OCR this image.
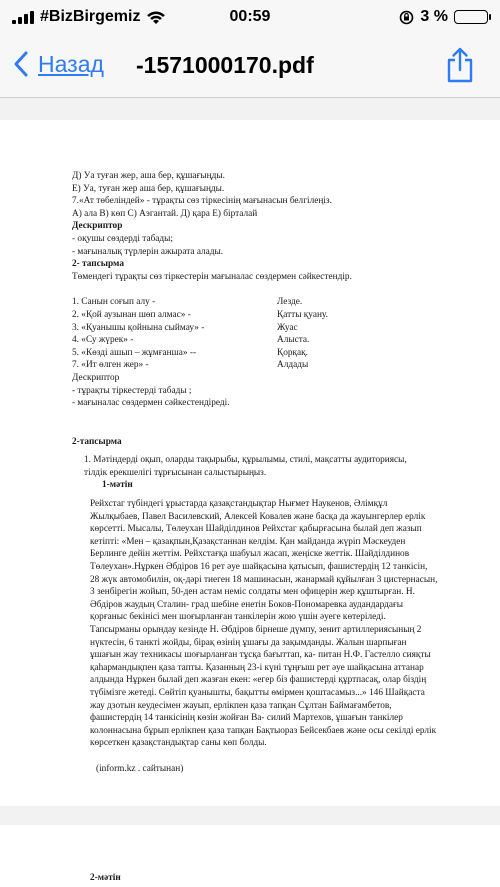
#BizBirgemiz	00:59	3 %
Назад -1571000170.pdf

Д) Уа туған жер, аша бер, құшағыңды.

Е) Уа, туған жер аша бер, құшағыңды.

7.«Ат төбеліндей» - тұрақты сөз тіркесінің мағынасын белгілеңіз.

А) ала В) көп С) Аэгантай. Д) қара Е) бірталай

Дескриптор

- оқушы сөздерді табады;

- мағыналық түрлерін ажырата алады.

2- тапсырма

Төмендегі тұрақты сөз тіркестерін мағыналас сөздермен сәйкестендір.

1. Санын соғып алу -	Лезде.

2. «Қой аузынан шөп алмас» -	Қатты қуану.

3. «Қуанышы қойнына сыймау» -	Жуас

4. «Су жүрек» -	Алыста.

5. «Көзді ашып – жұмғанша» --	Қорқақ.

7. «Ит өлген жер» -	Алдады

Дескриптор

- тұрақты тіркестерді табады ;

- мағыналас сөздермен сәйкестендіреді.

2-тапсырма

1. Мәтіндерді оқып, оларды тақырыбы, құрылымы, стилі, мақсатты аудиториясы,

тілдік ерекшелігі тұрғысынан салыстырыңыз.

1-мәтін

Рейхстаг түбіндегі ұрыстарда қазақстандықтар Нығмет Наукенов, Әлімқұл

Жылқыбаев, Павел Василевский, Алексей Ковалев және басқа да жауынгерлер ерлік

көрсетті. Мысалы, Төлеухан Шайділдинов Рейхстаг қабырғасына былай деп жазып

кетіпті: «Мен – қазақпын,Қазақстаннан келдім. Қан майданда жүріп Мәскеуден

Берлинге дейін жеттім. Рейхстағқа шабуыл жасап, жеңіске жеттік. Шайділдинов

Төлеухан».Нұркен Әбдіров 16 рет әуе шайқасына қатысып, фашистердің 12 танкісін,

28 жүк автомобилін, оқ-дәрі тиеген 18 машинасын, жанармай құйылған 3 цистернасын,

3 зенбірегін жойып, 50-ден астам неміс солдаты мен офицерін жер құштырған. Н.

Әбдіров жаудың Сталин- град шебіне енетін Боков-Пономаревка аудандардағы

қорғаныс бекінісі мен шоғырланған танкілерін жою үшін әуеге көтеріледі.

Тапсырманы орындау кезінде Н. Әбдіров бірнеше дүмпу, зенит артиллериясының 2

нүктесін, 6 танкті жойды, бірақ өзінің ұшағы да зақымданды. Жалын шарпыған

ұшағын жау техникасы шоғырланған тұсқа бағыттап, ка- питан Н.Ф. Гастелло сияқты

қаһармандықпен қаза тапты. Қазанның 23-і күні тұңғыш рет әуе шайқасына аттанар

алдында Нұркен былай деп жазған екен: «егер біз фашистерді құртпасақ, олар біздің

түбімізге жетеді. Сөйтіп қуанышты, бақытты өмірмен қоштасамыз...» 146 Шайқаста

жау дзотын кеудесімен жауып, ерлікпен қаза тапқан Сұлтан Баймағамбетов,

фашистердің 14 танкісінің көзін жойған Ва- силий Мартехов, ұшағын танкілер

колоннасына бұрып ерлікпен қаза тапқан Бақтыораз Бейсекбаев және осы секілді ерлік

көрсеткен қазақстандықтар саны көп болды.

(inform.kz . сайтынан)

2-мәтін
